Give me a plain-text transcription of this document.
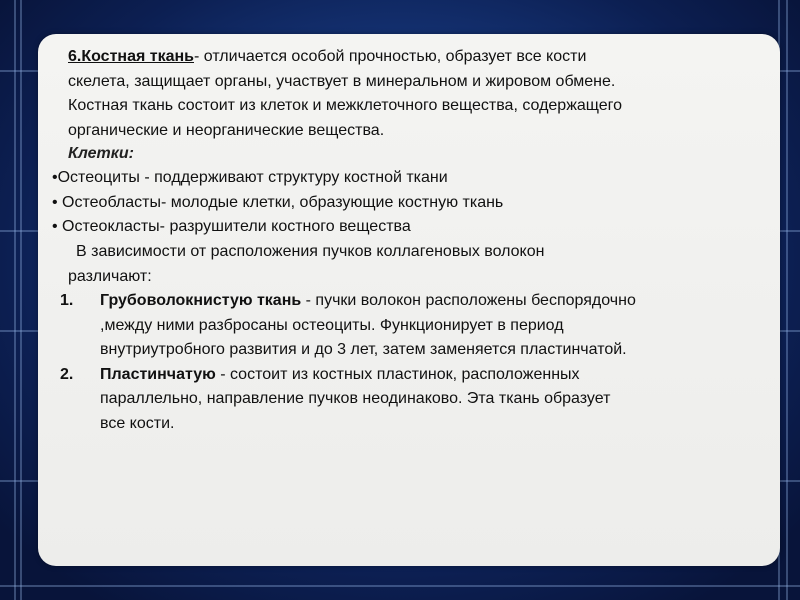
6.Костная ткань- отличается особой прочностью, образует все кости
скелета, защищает органы, участвует в минеральном и жировом обмене.
Костная ткань состоит из клеток и межклеточного вещества, содержащего
органические и неорганические вещества.
Клетки:
•Остеоциты - поддерживают структуру костной ткани
• Остеобласты- молодые клетки, образующие костную ткань
• Остеокласты- разрушители костного вещества
В зависимости от расположения пучков коллагеновых волокон
различают:
1. Грубоволокнистую ткань - пучки волокон расположены беспорядочно
,между ними разбросаны остеоциты. Функционирует в период
внутриутробного развития и до 3 лет, затем заменяется пластинчатой.
2. Пластинчатую - состоит из костных пластинок, расположенных
параллельно, направление пучков неодинаково. Эта ткань образует
все кости.
